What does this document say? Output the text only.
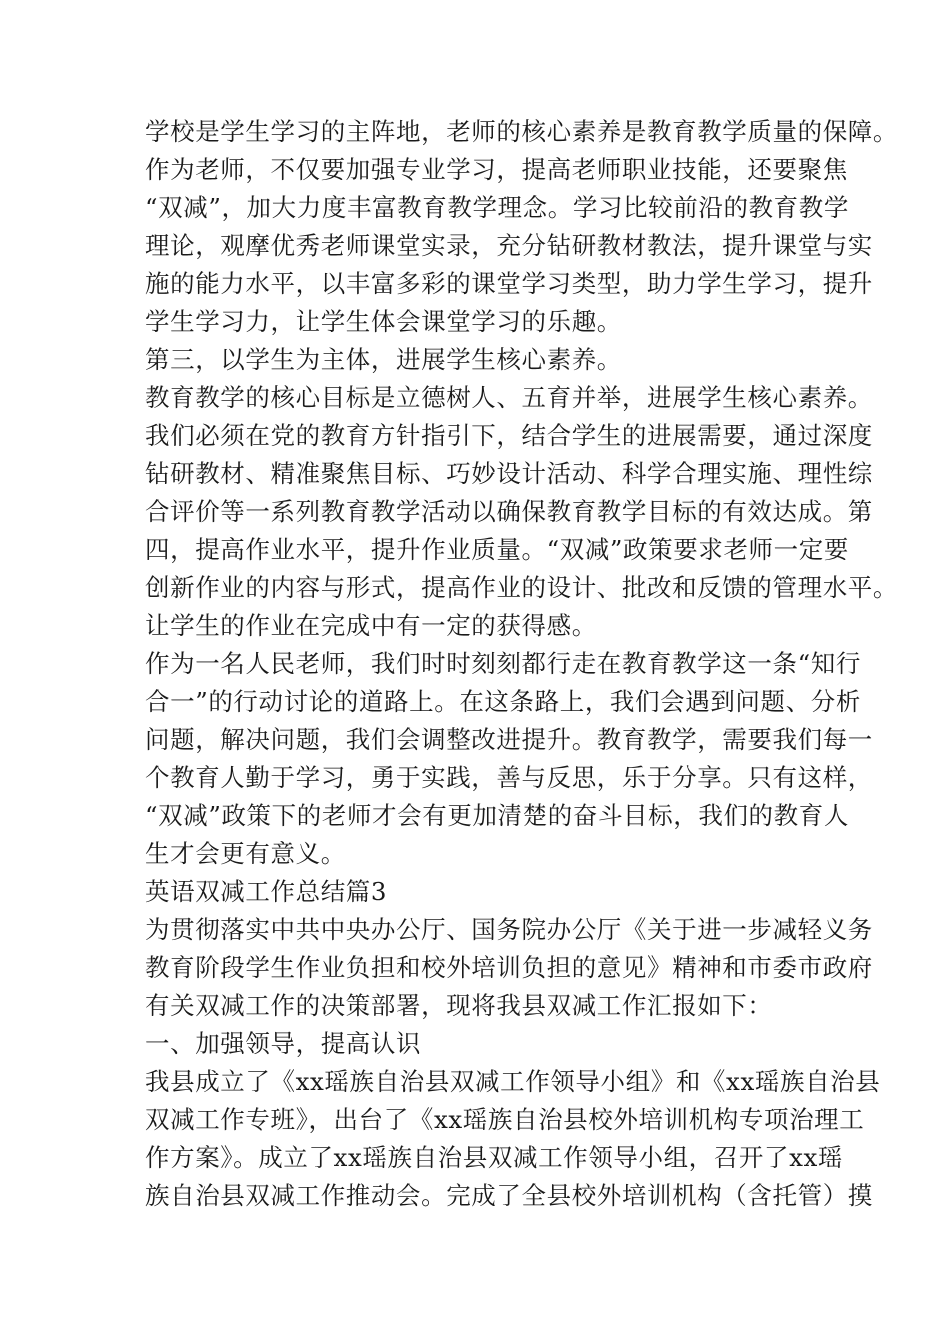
学校是学生学习的主阵地，老师的核心素养是教育教学质量的保障。
作为老师，不仅要加强专业学习，提高老师职业技能，还要聚焦
“双减”，加大力度丰富教育教学理念。学习比较前沿的教育教学
理论，观摩优秀老师课堂实录，充分钻研教材教法，提升课堂与实
施的能力水平，以丰富多彩的课堂学习类型，助力学生学习，提升
学生学习力，让学生体会课堂学习的乐趣。
第三，以学生为主体，进展学生核心素养。
教育教学的核心目标是立德树人、五育并举，进展学生核心素养。
我们必须在党的教育方针指引下，结合学生的进展需要，通过深度
钻研教材、精准聚焦目标、巧妙设计活动、科学合理实施、理性综
合评价等一系列教育教学活动以确保教育教学目标的有效达成。第
四，提高作业水平，提升作业质量。“双减”政策要求老师一定要
创新作业的内容与形式，提高作业的设计、批改和反馈的管理水平。
让学生的作业在完成中有一定的获得感。
作为一名人民老师，我们时时刻刻都行走在教育教学这一条“知行
合一”的行动讨论的道路上。在这条路上，我们会遇到问题、分析
问题，解决问题，我们会调整改进提升。教育教学，需要我们每一
个教育人勤于学习，勇于实践，善与反思，乐于分享。只有这样，
“双减”政策下的老师才会有更加清楚的奋斗目标，我们的教育人
生才会更有意义。
英语双减工作总结篇3
为贯彻落实中共中央办公厅、国务院办公厅《关于进一步减轻义务
教育阶段学生作业负担和校外培训负担的意见》精神和市委市政府
有关双减工作的决策部署，现将我县双减工作汇报如下：
一、加强领导，提高认识
我县成立了《xx瑶族自治县双减工作领导小组》和《xx瑶族自治县
双减工作专班》，出台了《xx瑶族自治县校外培训机构专项治理工
作方案》。成立了xx瑶族自治县双减工作领导小组，召开了xx瑶
族自治县双减工作推动会。完成了全县校外培训机构（含托管）摸
